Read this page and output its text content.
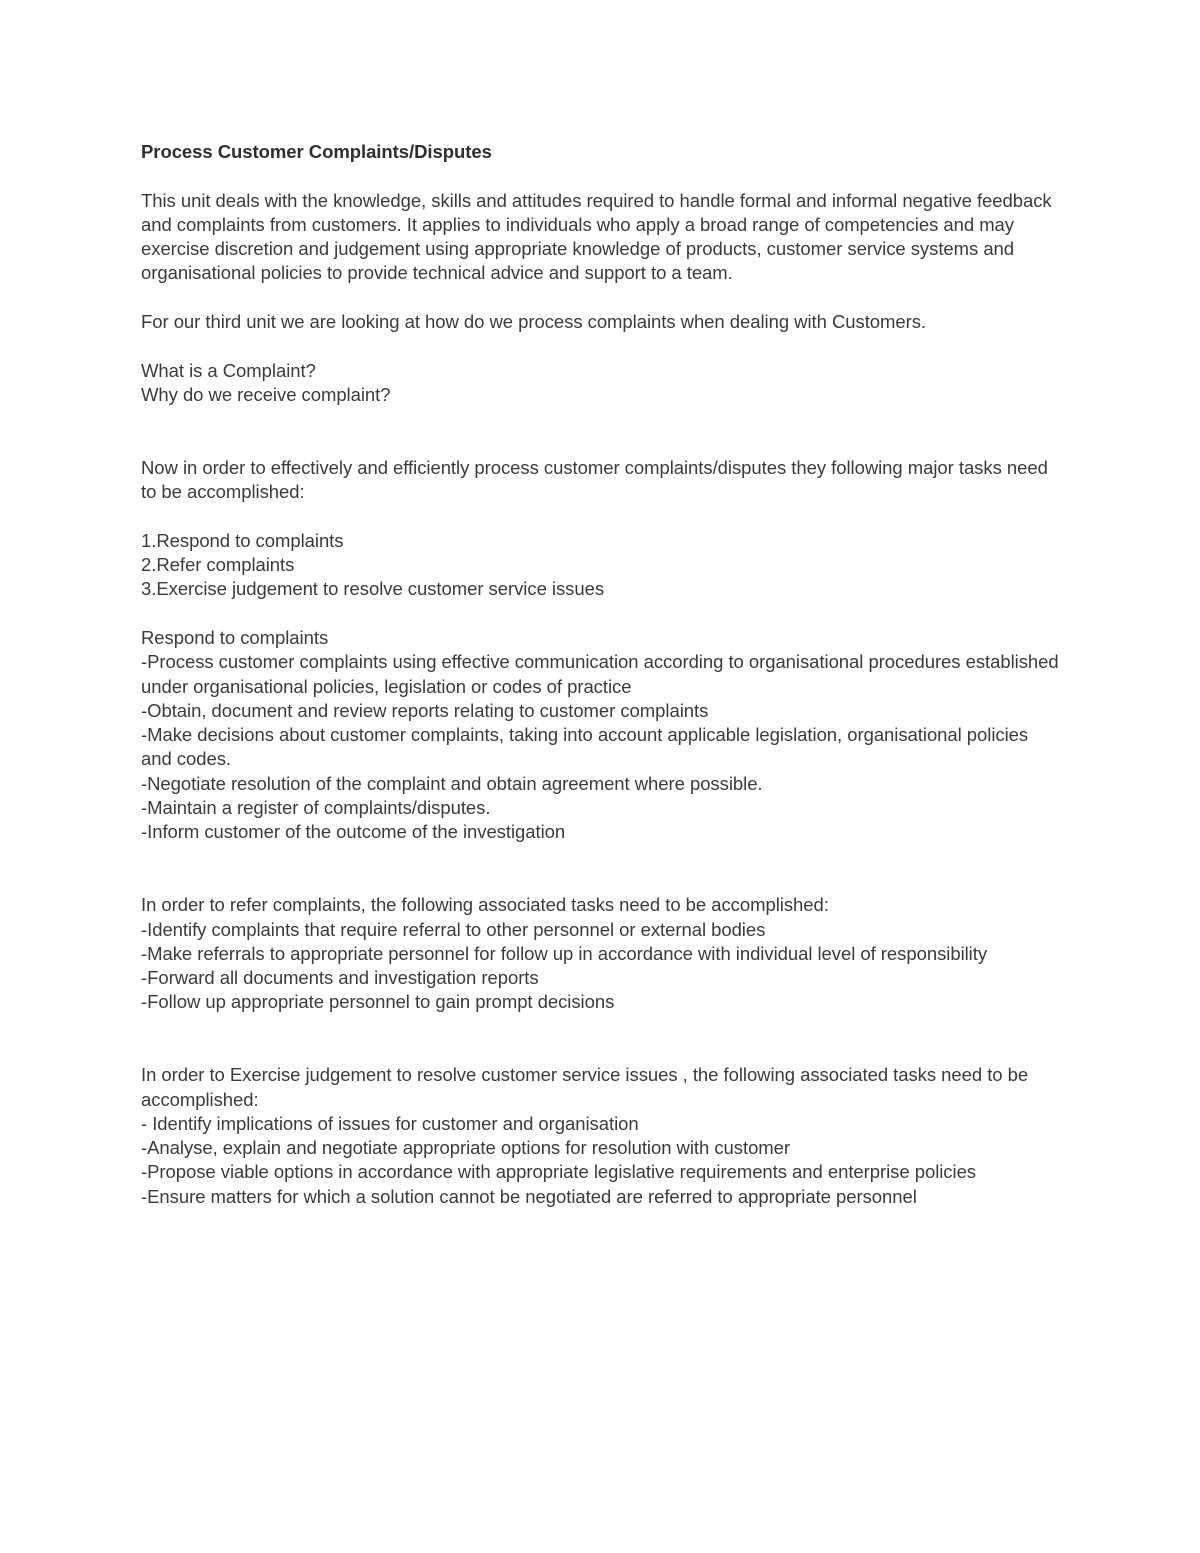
Process Customer Complaints/Disputes

This unit deals with the knowledge, skills and attitudes required to handle formal and informal negative feedback and complaints from customers. It applies to individuals who apply a broad range of competencies and may exercise discretion and judgement using appropriate knowledge of products, customer service systems and organisational policies to provide technical advice and support to a team.

For our third unit we are looking at how do we process complaints when dealing with Customers.

What is a Complaint?

Why do we receive complaint?

Now in order to effectively and efficiently process customer complaints/disputes they following major tasks need to be accomplished:

1.Respond to complaints

2.Refer complaints

3.Exercise judgement to resolve customer service issues

Respond to complaints

-Process customer complaints using effective communication according to organisational procedures established under organisational policies, legislation or codes of practice

-Obtain, document and review reports relating to customer complaints

-Make decisions about customer complaints, taking into account applicable legislation, organisational policies and codes.

-Negotiate resolution of the complaint and obtain agreement where possible.

-Maintain a register of complaints/disputes.

-Inform customer of the outcome of the investigation

In order to refer complaints, the following associated tasks need to be accomplished:

-Identify complaints that require referral to other personnel or external bodies

-Make referrals to appropriate personnel for follow up in accordance with individual level of responsibility

-Forward all documents and investigation reports

-Follow up appropriate personnel to gain prompt decisions

In order to Exercise judgement to resolve customer service issues , the following associated tasks need to be accomplished:

- Identify implications of issues for customer and organisation

-Analyse, explain and negotiate appropriate options for resolution with customer

-Propose viable options in accordance with appropriate legislative requirements and enterprise policies

-Ensure matters for which a solution cannot be negotiated are referred to appropriate personnel
